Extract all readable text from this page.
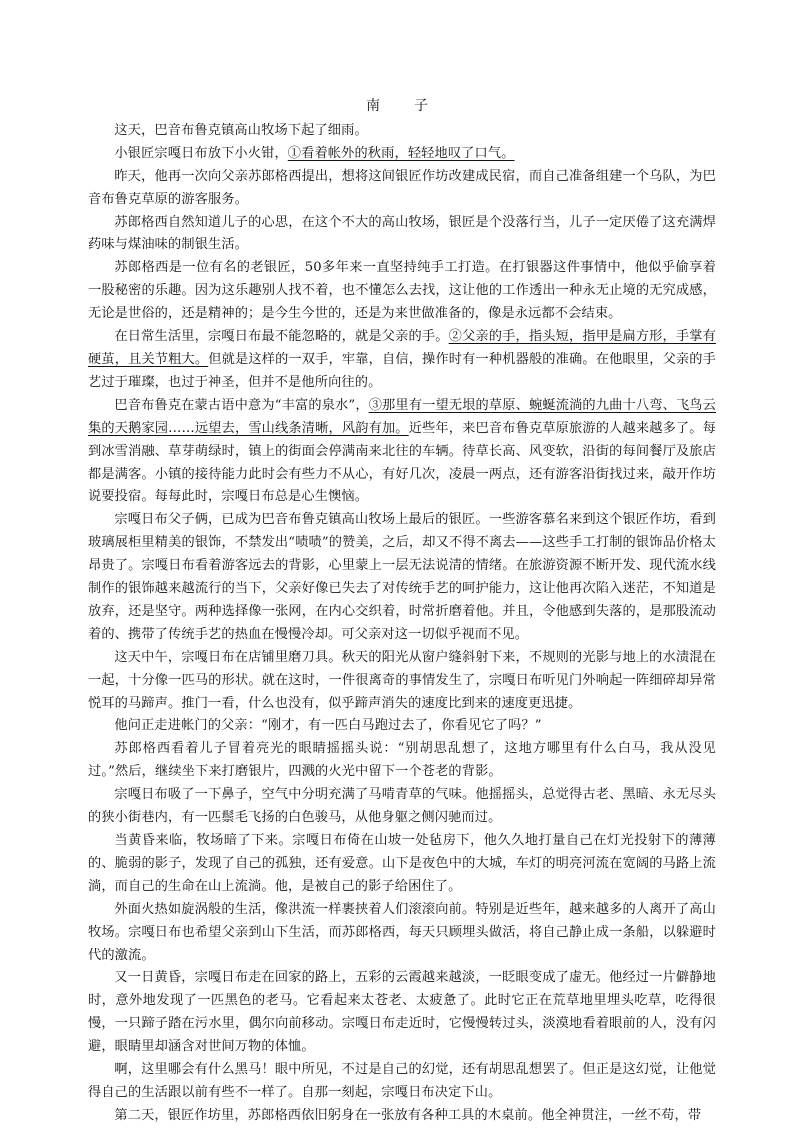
南　子

这天，巴音布鲁克镇高山牧场下起了细雨。

小银匠宗嘎日布放下小火钳，①看着帐外的秋雨，轻轻地叹了口气。

昨天，他再一次向父亲苏郎格西提出，想将这间银匠作坊改建成民宿，而自己准备组建一个乌队，为巴音布鲁克草原的游客服务。

苏郎格西自然知道儿子的心思，在这个不大的高山牧场，银匠是个没落行当，儿子一定厌倦了这充满焊药味与煤油味的制银生活。

苏郎格西是一位有名的老银匠，50多年来一直坚持纯手工打造。在打银器这件事情中，他似乎偷享着一股秘密的乐趣。因为这乐趣别人找不着，也不懂怎么去找，这让他的工作透出一种永无止境的无究成感，无论是世俗的，还是精神的；是今生今世的，还是为来世做准备的，像是永远都不会结束。

在日常生活里，宗嘎日布最不能忽略的，就是父亲的手。②父亲的手，指头短，指甲是扁方形，手掌有硬茧，且关节粗大。但就是这样的一双手，牢靠，自信，操作时有一种机器般的准确。在他眼里，父亲的手艺过于璀璨，也过于神圣，但并不是他所向往的。

巴音布鲁克在蒙古语中意为“丰富的泉水”，③那里有一望无垠的草原、蜿蜒流淌的九曲十八弯、飞鸟云集的天鹅家园……远望去，雪山线条清晰，风韵有加。近些年，来巴音布鲁克草原旅游的人越来越多了。每到冰雪消融、草芽萌绿时，镇上的街面会停满南来北往的车辆。待草长高、风变软，沿街的每间餐厅及旅店都是满客。小镇的接待能力此时会有些力不从心，有好几次，凌晨一两点，还有游客沿街找过来，敲开作坊说要投宿。每每此时，宗嘎日布总是心生懊恼。

宗嘎日布父子俩，已成为巴音布鲁克镇高山牧场上最后的银匠。一些游客慕名来到这个银匠作坊，看到玻璃展柜里精美的银饰，不禁发出“啧啧”的赞美，之后，却又不得不离去——这些手工打制的银饰品价格太昂贵了。宗嘎日布看着游客远去的背影，心里蒙上一层无法说清的情绪。在旅游资源不断开发、现代流水线制作的银饰越来越流行的当下，父亲好像已失去了对传统手艺的呵护能力，这让他再次陷入迷茫，不知道是放弃，还是坚守。两种选择像一张网，在内心交织着，时常折磨着他。并且，令他感到失落的，是那股流动着的、携带了传统手艺的热血在慢慢冷却。可父亲对这一切似乎视而不见。

这天中午，宗嘎日布在店铺里磨刀具。秋天的阳光从窗户缝斜射下来，不规则的光影与地上的水渍混在一起，十分像一匹马的形状。就在这时，一件很离奇的事情发生了，宗嘎日布听见门外响起一阵细碎却异常悦耳的马蹄声。推门一看，什么也没有，似乎蹄声消失的速度比到来的速度更迅捷。

他问正走进帐门的父亲：“刚才，有一匹白马跑过去了，你看见它了吗？”

苏郎格西看着儿子冒着亮光的眼睛摇摇头说：“别胡思乱想了，这地方哪里有什么白马，我从没见过。”然后，继续坐下来打磨银片，四溅的火光中留下一个苍老的背影。

宗嘎日布吸了一下鼻子，空气中分明充满了马啃青草的气味。他摇摇头，总觉得古老、黑暗、永无尽头的狭小街巷内，有一匹鬃毛飞扬的白色骏马，从他身躯之侧闪驰而过。

当黄昏来临，牧场暗了下来。宗嘎日布倚在山坡一处毡房下，他久久地打量自己在灯光投射下的薄薄的、脆弱的影子，发现了自己的孤独，还有爱意。山下是夜色中的大城，车灯的明亮河流在宽阔的马路上流淌，而自己的生命在山上流淌。他，是被自己的影子给困住了。

外面火热如旋涡般的生活，像洪流一样裹挟着人们滚滚向前。特别是近些年，越来越多的人离开了高山牧场。宗嘎日布也希望父亲到山下生活，而苏郎格西，每天只顾埋头做活，将自己静止成一条船，以躲避时代的激流。

又一日黄昏，宗嘎日布走在回家的路上，五彩的云霞越来越淡，一眨眼变成了虚无。他经过一片僻静地时，意外地发现了一匹黑色的老马。它看起来太苍老、太疲惫了。此时它正在荒草地里埋头吃草，吃得很慢，一只蹄子踏在污水里，偶尔向前移动。宗嘎日布走近时，它慢慢转过头，淡漠地看着眼前的人，没有闪避，眼睛里却涵含对世间万物的体恤。

啊，这里哪会有什么黑马！眼中所见，不过是自己的幻觉，还有胡思乱想罢了。但正是这幻觉，让他觉得自己的生活跟以前有些不一样了。自那一刻起，宗嘎日布决定下山。

第二天，银匠作坊里，苏郎格西依旧躬身在一张放有各种工具的木桌前。他全神贯注，一丝不苟，带
